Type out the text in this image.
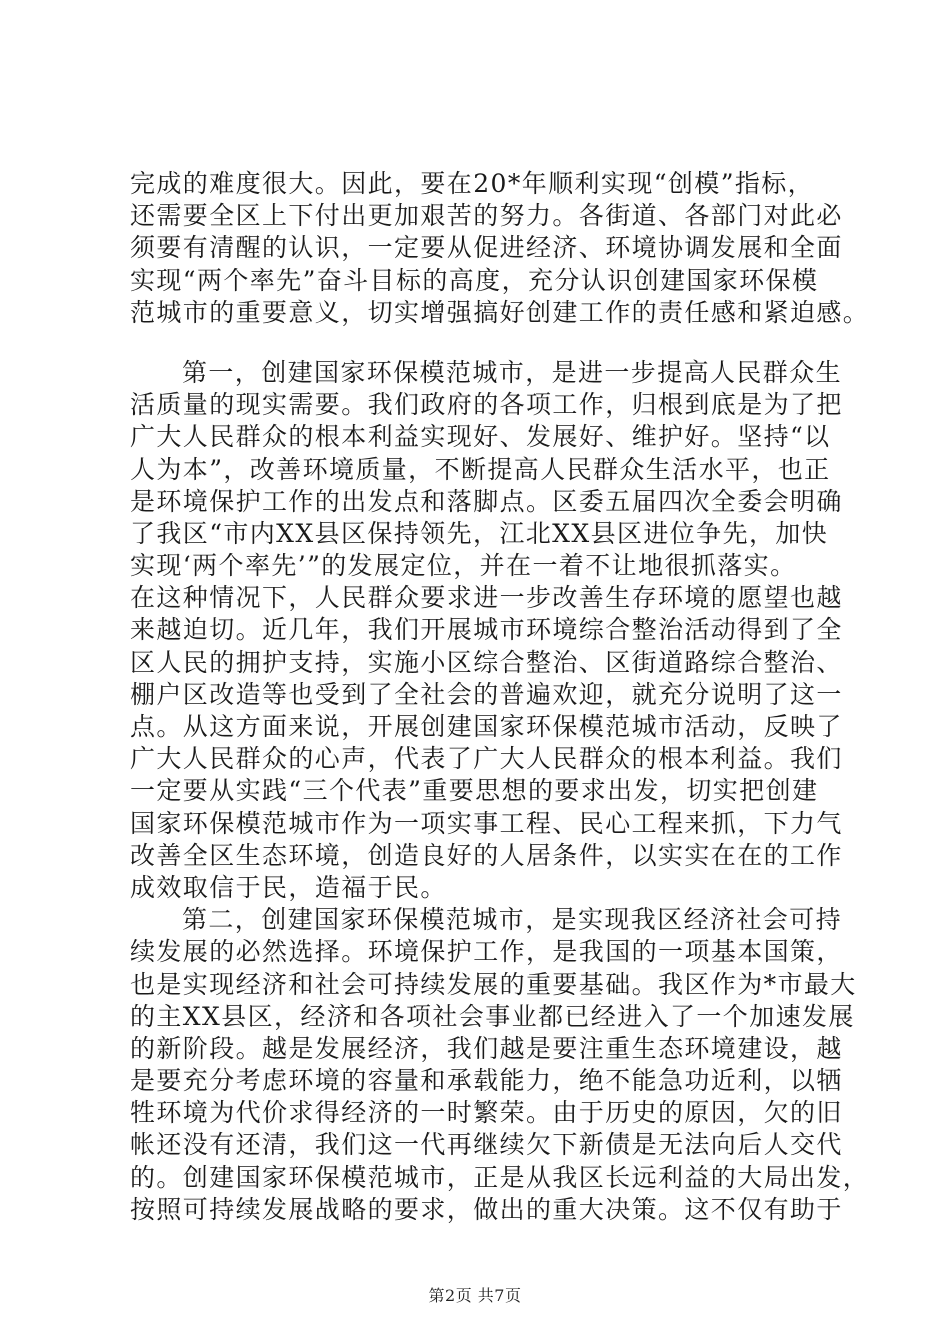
完成的难度很大。因此，要在20*年顺利实现“创模”指标，
还需要全区上下付出更加艰苦的努力。各街道、各部门对此必
须要有清醒的认识，一定要从促进经济、环境协调发展和全面
实现“两个率先”奋斗目标的高度，充分认识创建国家环保模
范城市的重要意义，切实增强搞好创建工作的责任感和紧迫感。
第一，创建国家环保模范城市，是进一步提高人民群众生
活质量的现实需要。我们政府的各项工作，归根到底是为了把
广大人民群众的根本利益实现好、发展好、维护好。坚持“以
人为本”，改善环境质量，不断提高人民群众生活水平，也正
是环境保护工作的出发点和落脚点。区委五届四次全委会明确
了我区“市内XX县区保持领先，江北XX县区进位争先，加快
实现‘两个率先’”的发展定位，并在一着不让地很抓落实。
在这种情况下，人民群众要求进一步改善生存环境的愿望也越
来越迫切。近几年，我们开展城市环境综合整治活动得到了全
区人民的拥护支持，实施小区综合整治、区街道路综合整治、
棚户区改造等也受到了全社会的普遍欢迎，就充分说明了这一
点。从这方面来说，开展创建国家环保模范城市活动，反映了
广大人民群众的心声，代表了广大人民群众的根本利益。我们
一定要从实践“三个代表”重要思想的要求出发，切实把创建
国家环保模范城市作为一项实事工程、民心工程来抓，下力气
改善全区生态环境，创造良好的人居条件，以实实在在的工作
成效取信于民，造福于民。
第二，创建国家环保模范城市，是实现我区经济社会可持
续发展的必然选择。环境保护工作，是我国的一项基本国策，
也是实现经济和社会可持续发展的重要基础。我区作为*市最大
的主XX县区，经济和各项社会事业都已经进入了一个加速发展
的新阶段。越是发展经济，我们越是要注重生态环境建设，越
是要充分考虑环境的容量和承载能力，绝不能急功近利，以牺
牲环境为代价求得经济的一时繁荣。由于历史的原因，欠的旧
帐还没有还清，我们这一代再继续欠下新债是无法向后人交代
的。创建国家环保模范城市，正是从我区长远利益的大局出发，
按照可持续发展战略的要求，做出的重大决策。这不仅有助于
第2页 共7页
